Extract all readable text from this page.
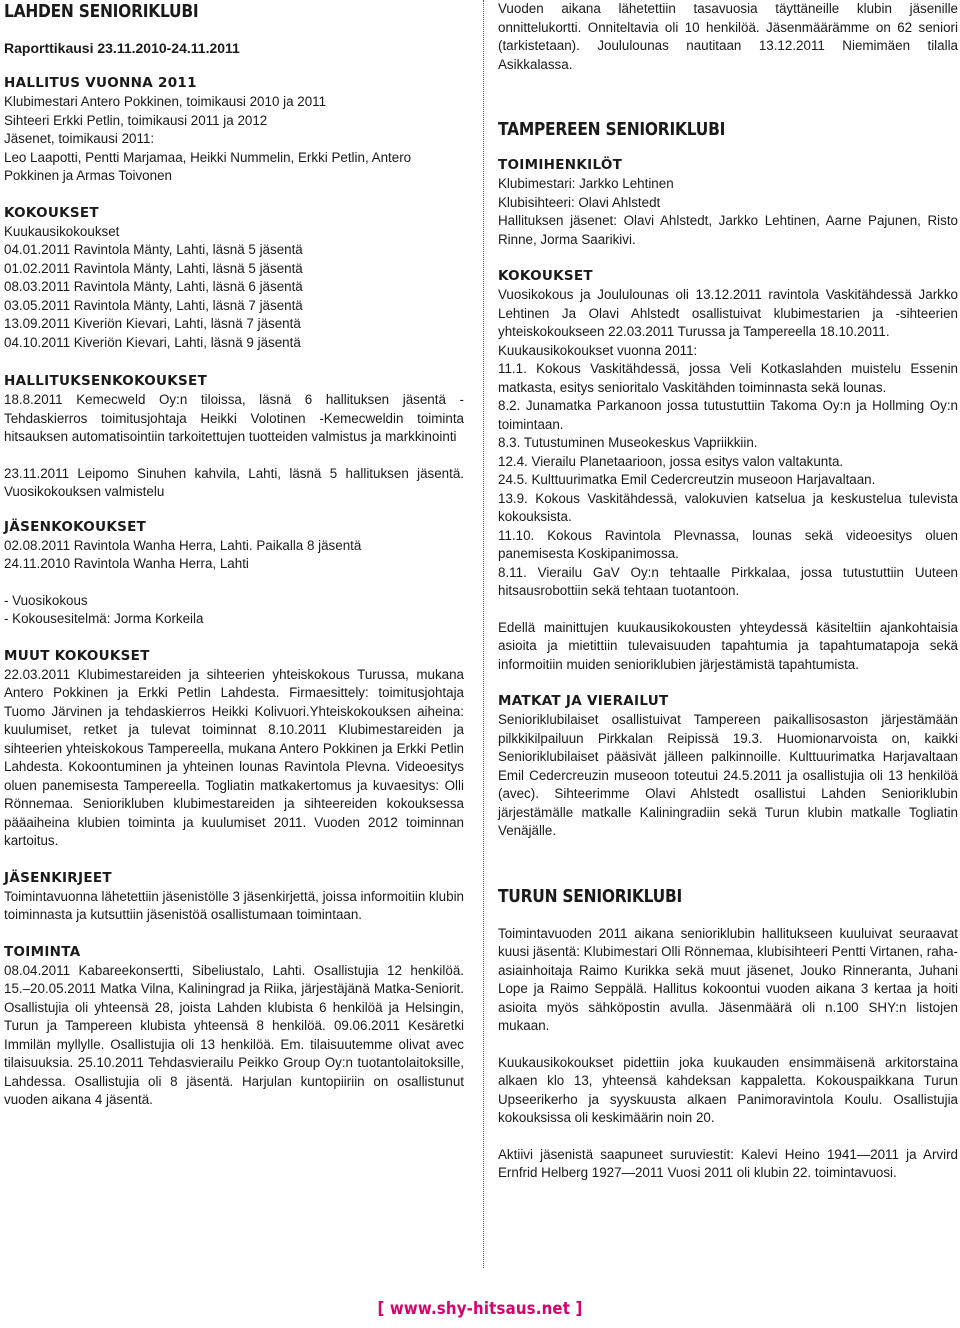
LAHDEN SENIORIKLUBI
Raporttikausi 23.11.2010-24.11.2011
HALLITUS VUONNA 2011
Klubimestari Antero Pokkinen, toimikausi 2010 ja 2011
Sihteeri Erkki Petlin, toimikausi 2011 ja 2012
Jäsenet, toimikausi 2011:
Leo Laapotti, Pentti Marjamaa, Heikki Nummelin, Erkki Petlin, Antero Pokkinen ja Armas Toivonen
KOKOUKSET
Kuukausikokoukset
04.01.2011 Ravintola Mänty, Lahti, läsnä 5 jäsentä
01.02.2011 Ravintola Mänty, Lahti, läsnä 5 jäsentä
08.03.2011 Ravintola Mänty, Lahti, läsnä 6 jäsentä
03.05.2011 Ravintola Mänty, Lahti, läsnä 7 jäsentä
13.09.2011 Kiveriön Kievari, Lahti, läsnä 7 jäsentä
04.10.2011 Kiveriön Kievari, Lahti, läsnä 9 jäsentä
HALLITUKSENKOKOUKSET

18.8.2011 Kemecweld Oy:n tiloissa, läsnä 6 hallituksen jäsentä -Tehdaskierros toimitusjohtaja Heikki Volotinen -Kemecweldin toiminta hitsauksen automatisointiin tarkoitettujen tuotteiden valmistus ja markkinointi

23.11.2011 Leipomo Sinuhen kahvila, Lahti, läsnä 5 hallituksen jäsentä. Vuosikokouksen valmistelu

JÄSENKOKOUKSET
02.08.2011 Ravintola Wanha Herra, Lahti. Paikalla 8 jäsentä
24.11.2010 Ravintola Wanha Herra, Lahti
- Vuosikokous
- Kokousesitelmä: Jorma Korkeila
MUUT KOKOUKSET

22.03.2011 Klubimestareiden ja sihteerien yhteiskokous Turussa, mukana Antero Pokkinen ja Erkki Petlin Lahdesta. Firmaesittely: toimitusjohtaja Tuomo Järvinen ja tehdaskierros Heikki Kolivuori.Yhteiskokouksen aiheina: kuulumiset, retket ja tulevat toiminnat 8.10.2011 Klubimestareiden ja sihteerien yhteiskokous Tampereella, mukana Antero Pokkinen ja Erkki Petlin Lahdesta. Kokoontuminen ja yhteinen lounas Ravintola Plevna. Videoesitys oluen panemisesta Tampereella. Togliatin matkakertomus ja kuvaesitys: Olli Rönnemaa. Seniorikluben klubimestareiden ja sihteereiden kokouksessa pääaiheina klubien toiminta ja kuulumiset 2011. Vuoden 2012 toiminnan kartoitus.

JÄSENKIRJEET

Toimintavuonna lähetettiin jäsenistölle 3 jäsenkirjettä, joissa informoitiin klubin toiminnasta ja kutsuttiin jäsenistöä osallistumaan toimintaan.

TOIMINTA

08.04.2011 Kabareekonsertti, Sibeliustalo, Lahti. Osallistujia 12 henkilöä. 15.–20.05.2011 Matka Vilna, Kaliningrad ja Riika, järjestäjänä Matka-Seniorit. Osallistujia oli yhteensä 28, joista Lahden klubista 6 henkilöä ja Helsingin, Turun ja Tampereen klubista yhteensä 8 henkilöä. 09.06.2011 Kesäretki Immilän myllylle. Osallistujia oli 13 henkilöä. Em. tilaisuutemme olivat avec tilaisuuksia. 25.10.2011 Tehdasvierailu Peikko Group Oy:n tuotantolaitoksille, Lahdessa. Osallistujia oli 8 jäsentä. Harjulan kuntopiiriin on osallistunut vuoden aikana 4 jäsentä.

Vuoden aikana lähetettiin tasavuosia täyttäneille klubin jäsenille onnittelukortti. Onniteltavia oli 10 henkilöä. Jäsenmäärämme on 62 seniori (tarkistetaan). Joululounas nautitaan 13.12.2011 Niemimäen tilalla Asikkalassa.

TAMPEREEN SENIORIKLUBI
TOIMIHENKILÖT
Klubimestari: Jarkko Lehtinen
Klubisihteeri: Olavi Ahlstedt

Hallituksen jäsenet: Olavi Ahlstedt, Jarkko Lehtinen, Aarne Pajunen, Risto Rinne, Jorma Saarikivi.

KOKOUKSET

Vuosikokous ja Joululounas oli 13.12.2011 ravintola Vaskitähdessä Jarkko Lehtinen Ja Olavi Ahlstedt osallistuivat klubimestarien ja -sihteerien yhteiskokoukseen 22.03.2011 Turussa ja Tampereella 18.10.2011.

Kuukausikokoukset vuonna 2011:

11.1. Kokous Vaskitähdessä, jossa Veli Kotkaslahden muistelu Essenin matkasta, esitys senioritalo Vaskitähden toiminnasta sekä lounas.

8.2. Junamatka Parkanoon jossa tutustuttiin Takoma Oy:n ja Hollming Oy:n toimintaan.

8.3. Tutustuminen Museokeskus Vapriikkiin.

12.4. Vierailu Planetaarioon, jossa esitys valon valtakunta.

24.5. Kulttuurimatka Emil Cedercreutzin museoon Harjavaltaan.

13.9. Kokous Vaskitähdessä, valokuvien katselua ja keskustelua tulevista kokouksista.

11.10. Kokous Ravintola Plevnassa, lounas sekä videoesitys oluen panemisesta Koskipanimossa.

8.11. Vierailu GaV Oy:n tehtaalle Pirkkalaa, jossa tutustuttiin Uuteen hitsausrobottiin sekä tehtaan tuotantoon.

Edellä mainittujen kuukausikokousten yhteydessä käsiteltiin ajankohtaisia asioita ja mietittiin tulevaisuuden tapahtumia ja tapahtumatapoja sekä informoitiin muiden senioriklubien järjestämistä tapahtumista.

MATKAT JA VIERAILUT

Senioriklubilaiset osallistuivat Tampereen paikallisosaston järjestämään pilkkikilpailuun Pirkkalan Reipissä 19.3. Huomionarvoista on, kaikki Senioriklubilaiset pääsivät jälleen palkinnoille. Kulttuurimatka Harjavaltaan Emil Cedercreuzin museoon toteutui 24.5.2011 ja osallistujia oli 13 henkilöä (avec). Sihteerimme Olavi Ahlstedt osallistui Lahden Senioriklubin järjestämälle matkalle Kaliningradiin sekä Turun klubin matkalle Togliatin Venäjälle.

TURUN SENIORIKLUBI

Toimintavuoden 2011 aikana senioriklubin hallitukseen kuuluivat seuraavat kuusi jäsentä: Klubimestari Olli Rönnemaa, klubisihteeri Pentti Virtanen, raha-asiainhoitaja Raimo Kurikka sekä muut jäsenet, Jouko Rinneranta, Juhani Lope ja Raimo Seppälä. Hallitus kokoontui vuoden aikana 3 kertaa ja hoiti asioita myös sähköpostin avulla. Jäsenmäärä oli n.100 SHY:n listojen mukaan.

Kuukausikokoukset pidettiin joka kuukauden ensimmäisenä arkitorstaina alkaen klo 13, yhteensä kahdeksan kappaletta. Kokouspaikkana Turun Upseerikerho ja syyskuusta alkaen Panimoravintola Koulu. Osallistujia kokouksissa oli keskimäärin noin 20.

Aktiivi jäsenistä saapuneet suruviestit: Kalevi Heino 1941—2011 ja Arvird Ernfrid Helberg 1927—2011 Vuosi 2011 oli klubin 22. toimintavuosi.

[ www.shy-hitsaus.net ]
